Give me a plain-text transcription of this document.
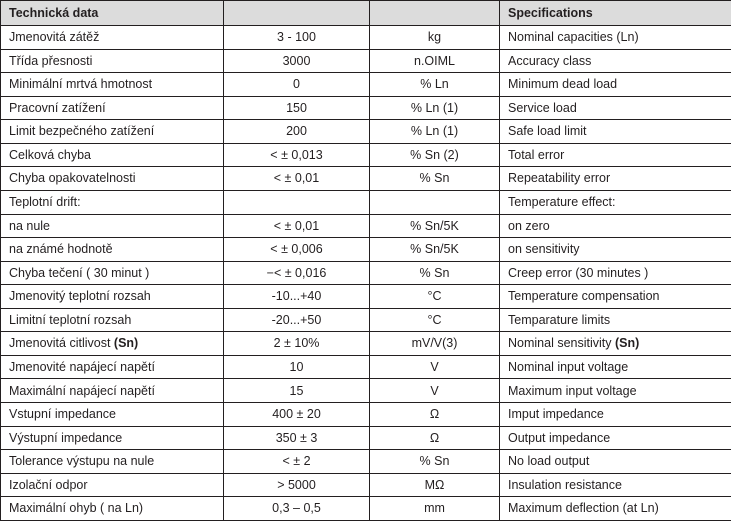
Technická data			Specifications
Jmenovitá zátěž	3 - 100	kg	Nominal capacities (Ln)
Třída přesnosti	3000	n.OIML	Accuracy class
Minimální mrtvá hmotnost	0	% Ln	Minimum dead load
Pracovní zatížení	150	% Ln (1)	Service load
Limit bezpečného zatížení	200	% Ln (1)	Safe load limit
Celková chyba	< ± 0,013	% Sn (2)	Total error
Chyba opakovatelnosti	< ± 0,01	% Sn	Repeatability error
Teplotní drift:			Temperature effect:
na nule	< ± 0,01	% Sn/5K	on zero
na známé hodnotě	< ± 0,006	% Sn/5K	on sensitivity
Chyba tečení ( 30 minut )	−< ± 0,016	% Sn	Creep error (30 minutes )
Jmenovitý teplotní rozsah	-10...+40	°C	Temperature compensation
Limitní teplotní rozsah	-20...+50	°C	Temparature limits
Jmenovitá citlivost (Sn)	2 ± 10%	mV/V(3)	Nominal sensitivity (Sn)
Jmenovité napájecí napětí	10	V	Nominal input voltage
Maximální napájecí napětí	15	V	Maximum input voltage
Vstupní impedance	400 ± 20	Ω	Imput impedance
Výstupní impedance	350 ± 3	Ω	Output impedance
Tolerance výstupu na nule	< ± 2	% Sn	No load output
Izolační odpor	> 5000	MΩ	Insulation resistance
Maximální ohyb ( na Ln)	0,3 – 0,5	mm	Maximum deflection (at Ln)
